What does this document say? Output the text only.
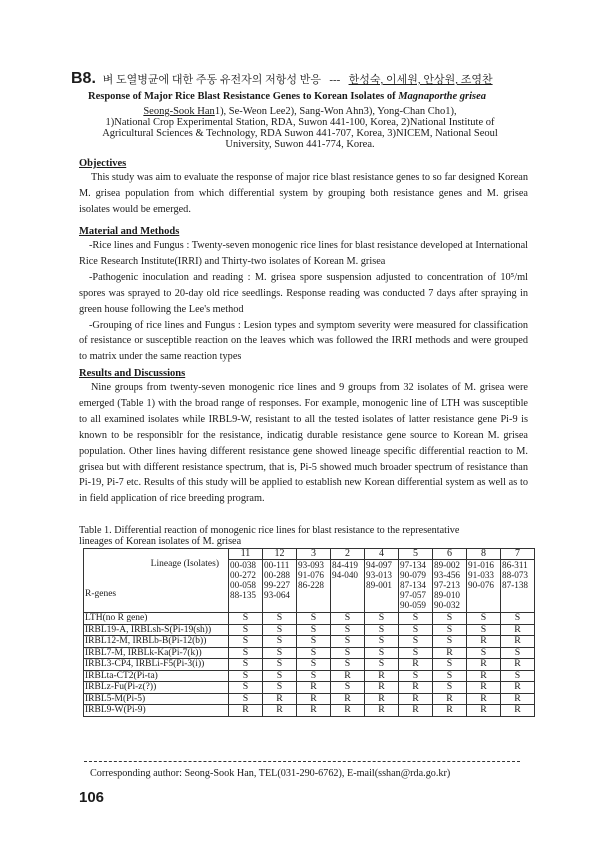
B8. 벼 도열병균에 대한 주동 유전자의 저항성 반응 --- 한성숙, 이세원, 안상원, 조영찬
Response of Major Rice Blast Resistance Genes to Korean Isolates of Magnaporthe grisea
Seong-Sook Han1), Se-Weon Lee2), Sang-Won Ahn3), Yong-Chan Cho1),
1)National Crop Experimental Station, RDA, Suwon 441-100, Korea, 2)National Institute of
Agricultural Sciences & Technology, RDA Suwon 441-707, Korea, 3)NICEM, National Seoul
University, Suwon 441-774, Korea.
Objectives
This study was aim to evaluate the response of major rice blast resistance genes to so far designed Korean M. grisea population from which differential system by grouping both resistance genes and M. grisea isolates would be emerged.
Material and Methods

-Rice lines and Fungus : Twenty-seven monogenic rice lines for blast resistance developed at International Rice Research Institute(IRRI) and Thirty-two isolates of Korean M. grisea

-Pathogenic inoculation and reading : M. grisea spore suspension adjusted to concentration of 10⁵/ml spores was sprayed to 20-day old rice seedlings. Response reading was conducted 7 days after spraying in green house following the Lee's method

-Grouping of rice lines and Fungus : Lesion types and symptom severity were measured for classification of resistance or susceptible reaction on the leaves which was followed the IRRI methods and were grouped to matrix under the same reaction types

Results and Discussions
Nine groups from twenty-seven monogenic rice lines and 9 groups from 32 isolates of M. grisea were emerged (Table 1) with the broad range of responses. For example, monogenic line of LTH was susceptible to all examined isolates while IRBL9-W, resistant to all the tested isolates of latter resistance gene Pi-9 is known to be responsiblr for the resistance, indicatig durable resistance gene source to Korean M. grisea population. Other lines having different resistance gene showed lineage specific differential reaction to M. grisea but with different resistance spectrum, that is, Pi-5 showed much broader spectrum of resistance than Pi-19, Pi-7 etc. Results of this study will be applied to establish new Korean differential system as well as to in field application of rice breeding program.
Table 1. Differential reaction of monogenic rice lines for blast resistance to the representative
lineages of Korean isolates of M. grisea
Lineage (Isolates)
R-genes	11	12	3	2	4	5	6	8	7
	00-038
00-272
00-058
88-135	00-111
00-288
99-227
93-064	93-093
91-076
86-228	84-419
94-040	94-097
93-013
89-001	97-134
90-079
87-134
97-057
90-059	89-002
93-456
97-213
89-010
90-032	91-016
91-033
90-076	86-311
88-073
87-138
LTH(no R gene)	S	S	S	S	S	S	S	S	S
IRBL19-A, IRBLsh-S(Pi-19(sh))	S	S	S	S	S	S	S	S	R
IRBL12-M, IRBLb-B(Pi-12(b))	S	S	S	S	S	S	S	R	R
IRBL7-M, IRBLk-Ka(Pi-7(k))	S	S	S	S	S	S	R	S	S
IRBL3-CP4, IRBLi-F5(Pi-3(i))	S	S	S	S	S	R	S	R	R
IRBLta-CT2(Pi-ta)	S	S	S	R	R	S	S	R	S
IRBLz-Fu(Pi-z(?))	S	S	R	S	R	R	S	R	R
IRBL5-M(Pi-5)	S	R	R	R	R	R	R	R	R
IRBL9-W(Pi-9)	R	R	R	R	R	R	R	R	R
Corresponding author: Seong-Sook Han, TEL(031-290-6762), E-mail(sshan@rda.go.kr)
106
